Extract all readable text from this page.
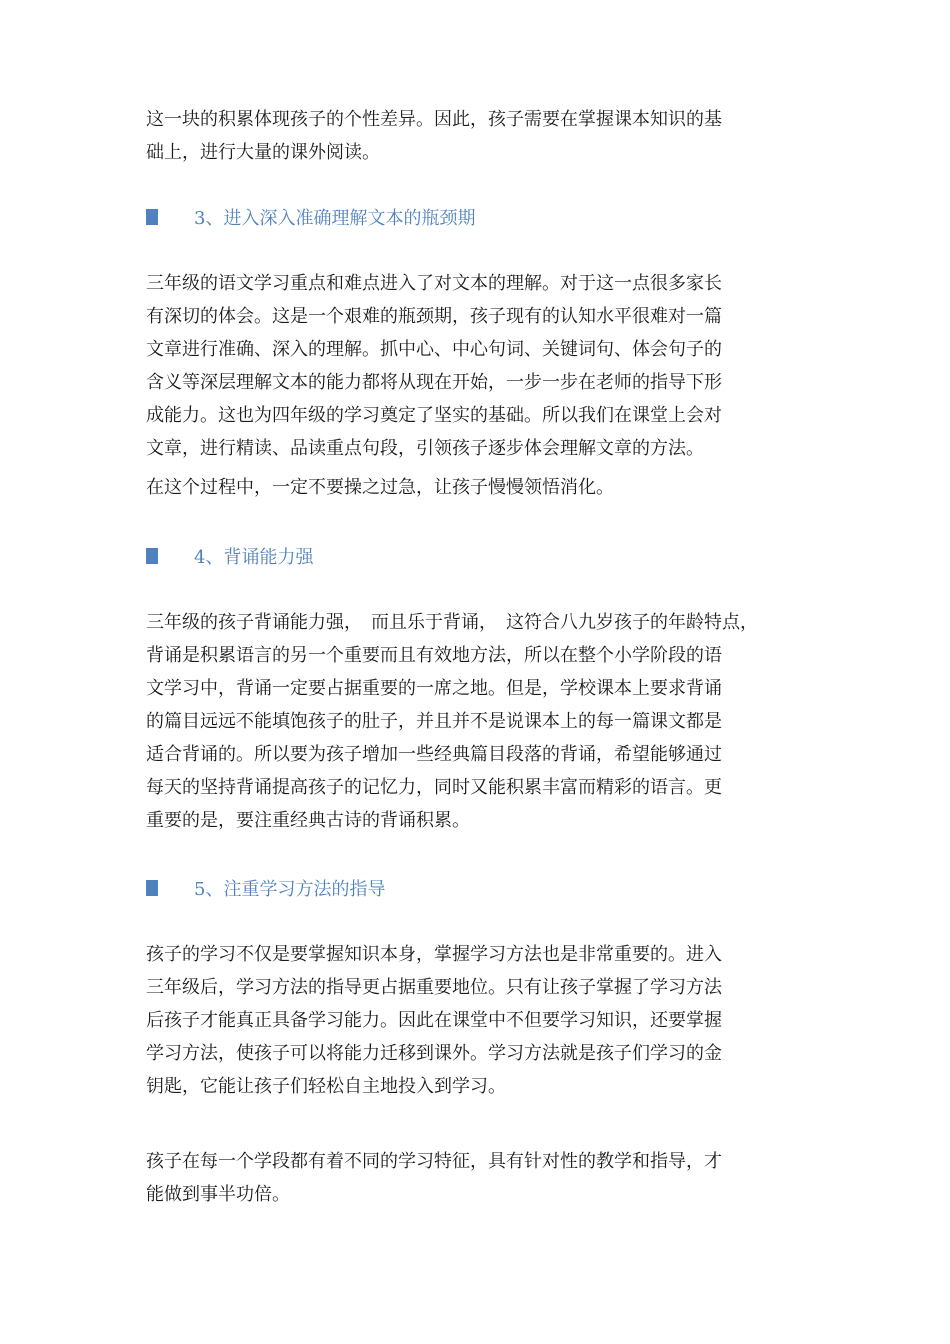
这一块的积累体现孩子的个性差异。因此，孩子需要在掌握课本知识的基
础上，进行大量的课外阅读。
3、进入深入准确理解文本的瓶颈期
三年级的语文学习重点和难点进入了对文本的理解。对于这一点很多家长
有深切的体会。这是一个艰难的瓶颈期，孩子现有的认知水平很难对一篇
文章进行准确、深入的理解。抓中心、中心句词、关键词句、体会句子的
含义等深层理解文本的能力都将从现在开始，一步一步在老师的指导下形
成能力。这也为四年级的学习奠定了坚实的基础。所以我们在课堂上会对
文章，进行精读、品读重点句段，引领孩子逐步体会理解文章的方法。
在这个过程中，一定不要操之过急，让孩子慢慢领悟消化。
4、背诵能力强
三年级的孩子背诵能力强，　而且乐于背诵，　这符合八九岁孩子的年龄特点，
背诵是积累语言的另一个重要而且有效地方法，所以在整个小学阶段的语
文学习中，背诵一定要占据重要的一席之地。但是，学校课本上要求背诵
的篇目远远不能填饱孩子的肚子，并且并不是说课本上的每一篇课文都是
适合背诵的。所以要为孩子增加一些经典篇目段落的背诵，希望能够通过
每天的坚持背诵提高孩子的记忆力，同时又能积累丰富而精彩的语言。更
重要的是，要注重经典古诗的背诵积累。
5、注重学习方法的指导
孩子的学习不仅是要掌握知识本身，掌握学习方法也是非常重要的。进入
三年级后，学习方法的指导更占据重要地位。只有让孩子掌握了学习方法
后孩子才能真正具备学习能力。因此在课堂中不但要学习知识，还要掌握
学习方法，使孩子可以将能力迁移到课外。学习方法就是孩子们学习的金
钥匙，它能让孩子们轻松自主地投入到学习。
孩子在每一个学段都有着不同的学习特征，具有针对性的教学和指导，才
能做到事半功倍。
